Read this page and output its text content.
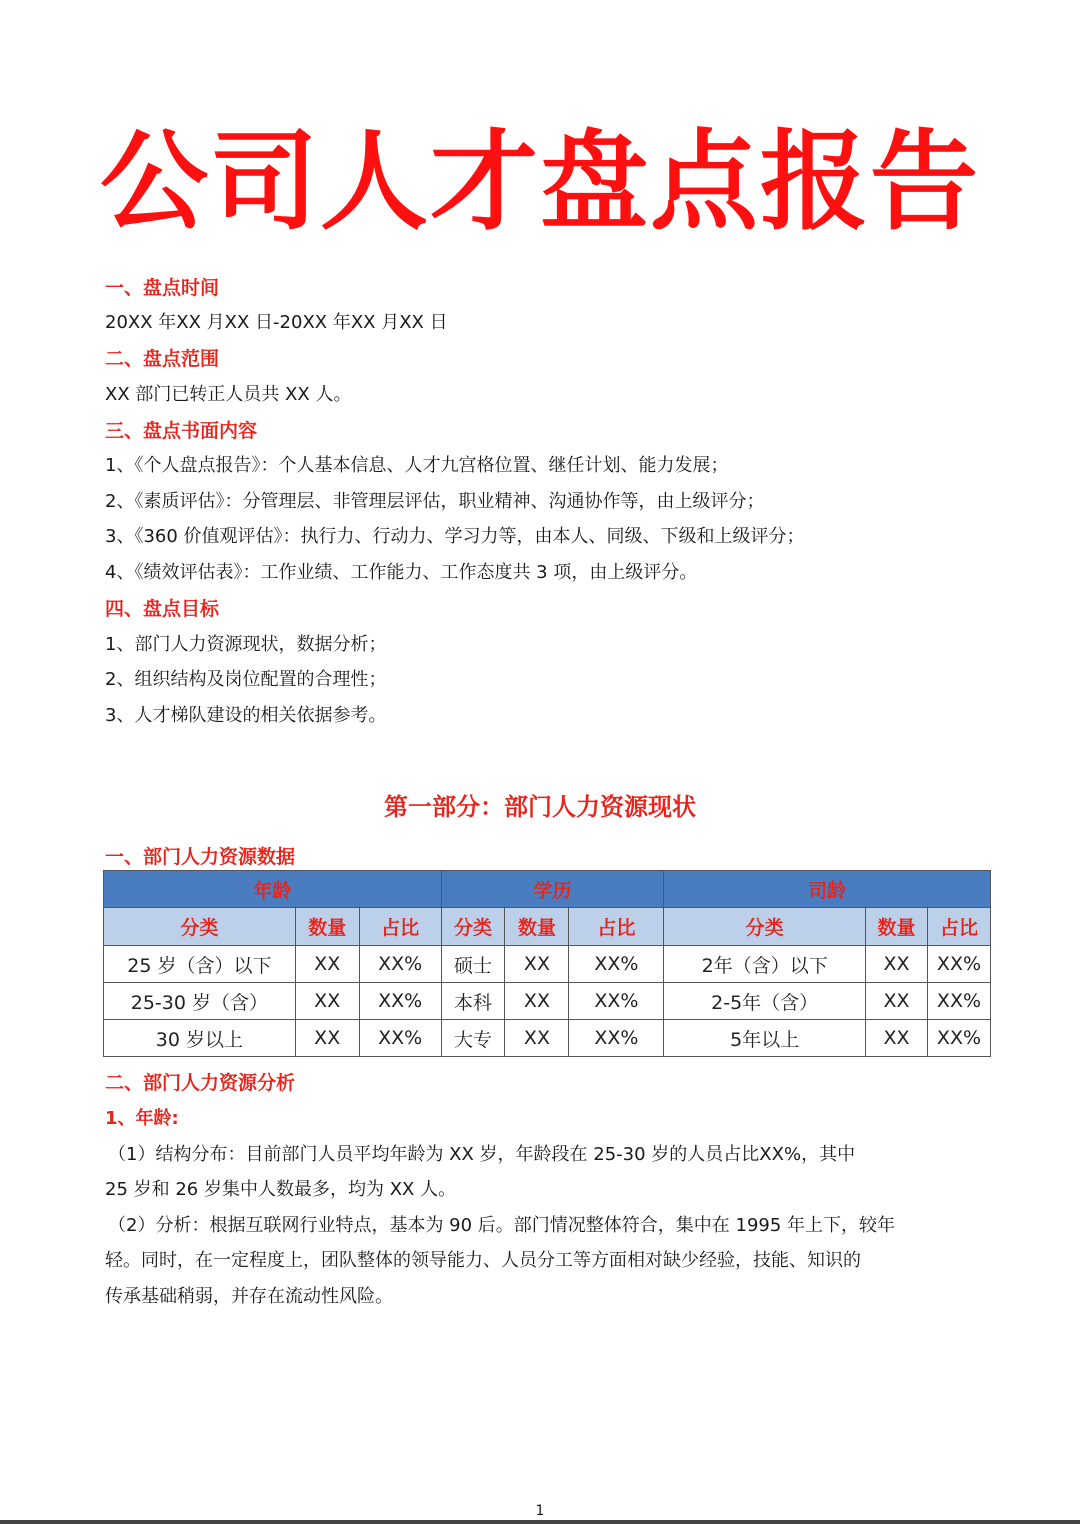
公司人才盘点报告
一、盘点时间
20XX 年XX 月XX 日-20XX 年XX 月XX 日
二、盘点范围
XX 部门已转正人员共 XX 人。
三、盘点书面内容
1、《个人盘点报告》：个人基本信息、人才九宫格位置、继任计划、能力发展；
2、《素质评估》：分管理层、非管理层评估，职业精神、沟通协作等，由上级评分；
3、《360 价值观评估》：执行力、行动力、学习力等，由本人、同级、下级和上级评分；
4、《绩效评估表》：工作业绩、工作能力、工作态度共 3 项，由上级评分。
四、盘点目标
1、部门人力资源现状，数据分析；
2、组织结构及岗位配置的合理性；
3、人才梯队建设的相关依据参考。
第一部分：部门人力资源现状
一、部门人力资源数据
年龄			学历			司龄		
分类	数量	占比	分类	数量	占比	分类	数量	占比
25 岁（含）以下	XX	XX%	硕士	XX	XX%	2年（含）以下	XX	XX%
25-30 岁（含）	XX	XX%	本科	XX	XX%	2-5年（含）	XX	XX%
30 岁以上	XX	XX%	大专	XX	XX%	5年以上	XX	XX%
二、部门人力资源分析
1、年龄:
（1）结构分布：目前部门人员平均年龄为 XX 岁，年龄段在 25-30 岁的人员占比XX%，其中
25 岁和 26 岁集中人数最多，均为 XX 人。
（2）分析：根据互联网行业特点，基本为 90 后。部门情况整体符合，集中在 1995 年上下，较年
轻。同时，在一定程度上，团队整体的领导能力、人员分工等方面相对缺少经验，技能、知识的
传承基础稍弱，并存在流动性风险。
1
